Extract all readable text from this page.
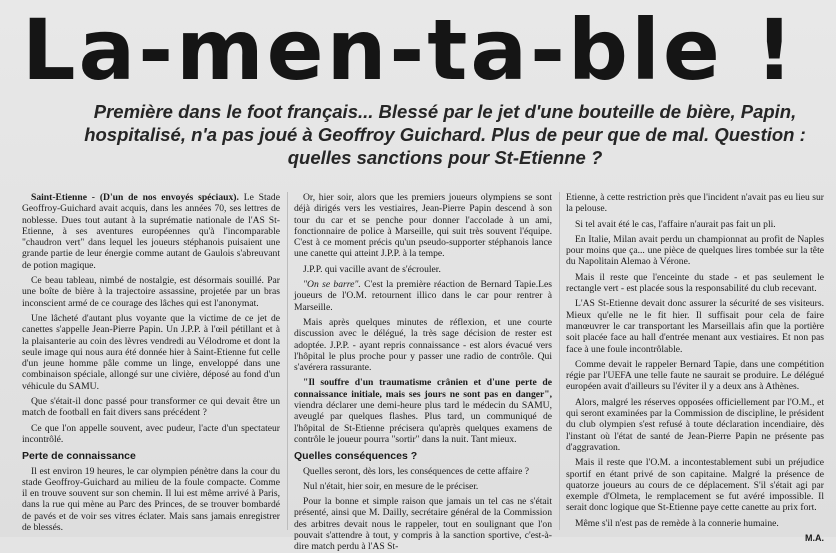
La-men-ta-ble !
Première dans le foot français... Blessé par le jet d'une bouteille de bière, Papin, hospitalisé, n'a pas joué à Geoffroy Guichard. Plus de peur que de mal. Question : quelles sanctions pour St-Etienne ?

Saint-Etienne - (D'un de nos envoyés spéciaux). Le Stade Geoffroy-Guichard avait acquis, dans les années 70, ses lettres de noblesse. Dues tout autant à la suprématie nationale de l'AS St-Etienne, à ses aventures européennes qu'à l'incomparable "chaudron vert" dans lequel les joueurs stéphanois puisaient une grande partie de leur énergie comme autant de Gaulois s'abreuvant de potion magique.

Ce beau tableau, nimbé de nostalgie, est désormais souillé. Par une boîte de bière à la trajectoire assassine, projetée par un bras inconscient armé de ce courage des lâches qui est l'anonymat.

Une lâcheté d'autant plus voyante que la victime de ce jet de canettes s'appelle Jean-Pierre Papin. Un J.P.P. à l'œil pétillant et à la plaisanterie au coin des lèvres vendredi au Vélodrome et dont la seule image qui nous aura été donnée hier à Saint-Etienne fut celle d'un jeune homme pâle comme un linge, enveloppé dans une combinaison spéciale, allongé sur une civière, déposé au fond d'un véhicule du SAMU.

Que s'était-il donc passé pour transformer ce qui devait être un match de football en fait divers sans précédent ?

Ce que l'on appelle souvent, avec pudeur, l'acte d'un spectateur incontrôlé.

Perte de connaissance

Il est environ 19 heures, le car olympien pénètre dans la cour du stade Geoffroy-Guichard au milieu de la foule compacte. Comme il en trouve souvent sur son chemin. Il lui est même arrivé à Paris, dans la rue qui mène au Parc des Princes, de se trouver bombardé de pavés et de voir ses vitres éclater. Mais sans jamais enregistrer de blessés.

Or, hier soir, alors que les premiers joueurs olympiens se sont déjà dirigés vers les vestiaires, Jean-Pierre Papin descend à son tour du car et se penche pour donner l'accolade à un ami, fonctionnaire de police à Marseille, qui suit très souvent l'équipe. C'est à ce moment précis qu'un pseudo-supporter stéphanois lance une canette qui atteint J.P.P. à la tempe.

J.P.P. qui vacille avant de s'écrouler.

"On se barre". C'est la première réaction de Bernard Tapie.Les joueurs de l'O.M. retournent illico dans le car pour rentrer à Marseille.

Mais après quelques minutes de réflexion, et une courte discussion avec le délégué, la très sage décision de rester est adoptée. J.P.P. - ayant repris connaissance - est alors évacué vers l'hôpital le plus proche pour y passer une radio de contrôle. Qui s'avérera rassurante.

"Il souffre d'un traumatisme crânien et d'une perte de connaissance initiale, mais ses jours ne sont pas en danger", viendra déclarer une demi-heure plus tard le médecin du SAMU, aveuglé par quelques flashes. Plus tard, un communiqué de l'hôpital de St-Etienne précisera qu'après quelques examens de contrôle le joueur pourra "sortir" dans la nuit. Tant mieux.

Quelles conséquences ?

Quelles seront, dès lors, les conséquences de cette affaire ?

Nul n'était, hier soir, en mesure de le préciser.

Pour la bonne et simple raison que jamais un tel cas ne s'était présenté, ainsi que M. Dailly, secrétaire général de la Commission des arbitres devait nous le rappeler, tout en soulignant que l'on pouvait s'attendre à tout, y compris à la sanction sportive, c'est-à-dire match perdu à l'AS St-

Etienne, à cette restriction près que l'incident n'avait pas eu lieu sur la pelouse.

Si tel avait été le cas, l'affaire n'aurait pas fait un pli.

En Italie, Milan avait perdu un championnat au profit de Naples pour moins que ça... une pièce de quelques lires tombée sur la tête du Napolitain Alemao à Vérone.

Mais il reste que l'enceinte du stade - et pas seulement le rectangle vert - est placée sous la responsabilité du club recevant.

L'AS St-Etienne devait donc assurer la sécurité de ses visiteurs. Mieux qu'elle ne le fit hier. Il suffisait pour cela de faire manœuvrer le car transportant les Marseillais afin que la portière soit placée face au hall d'entrée menant aux vestiaires. Et non pas face à une foule incontrôlable.

Comme devait le rappeler Bernard Tapie, dans une compétition régie par l'UEFA une telle faute ne saurait se produire. Le délégué européen avait d'ailleurs su l'éviter il y a deux ans à Athènes.

Alors, malgré les réserves opposées officiellement par l'O.M., et qui seront examinées par la Commission de discipline, le président du club olympien s'est refusé à toute déclaration incendiaire, dès l'instant où l'état de santé de Jean-Pierre Papin ne présente pas d'aggravation.

Mais il reste que l'O.M. a incontestablement subi un préjudice sportif en étant privé de son capitaine. Malgré la présence de quatorze joueurs au cours de ce déplacement. S'il s'était agi par exemple d'Olmeta, le remplacement se fut avéré impossible. Il serait donc logique que St-Etienne paye cette canette au prix fort.

Même s'il n'est pas de remède à la connerie humaine.

M.A.
